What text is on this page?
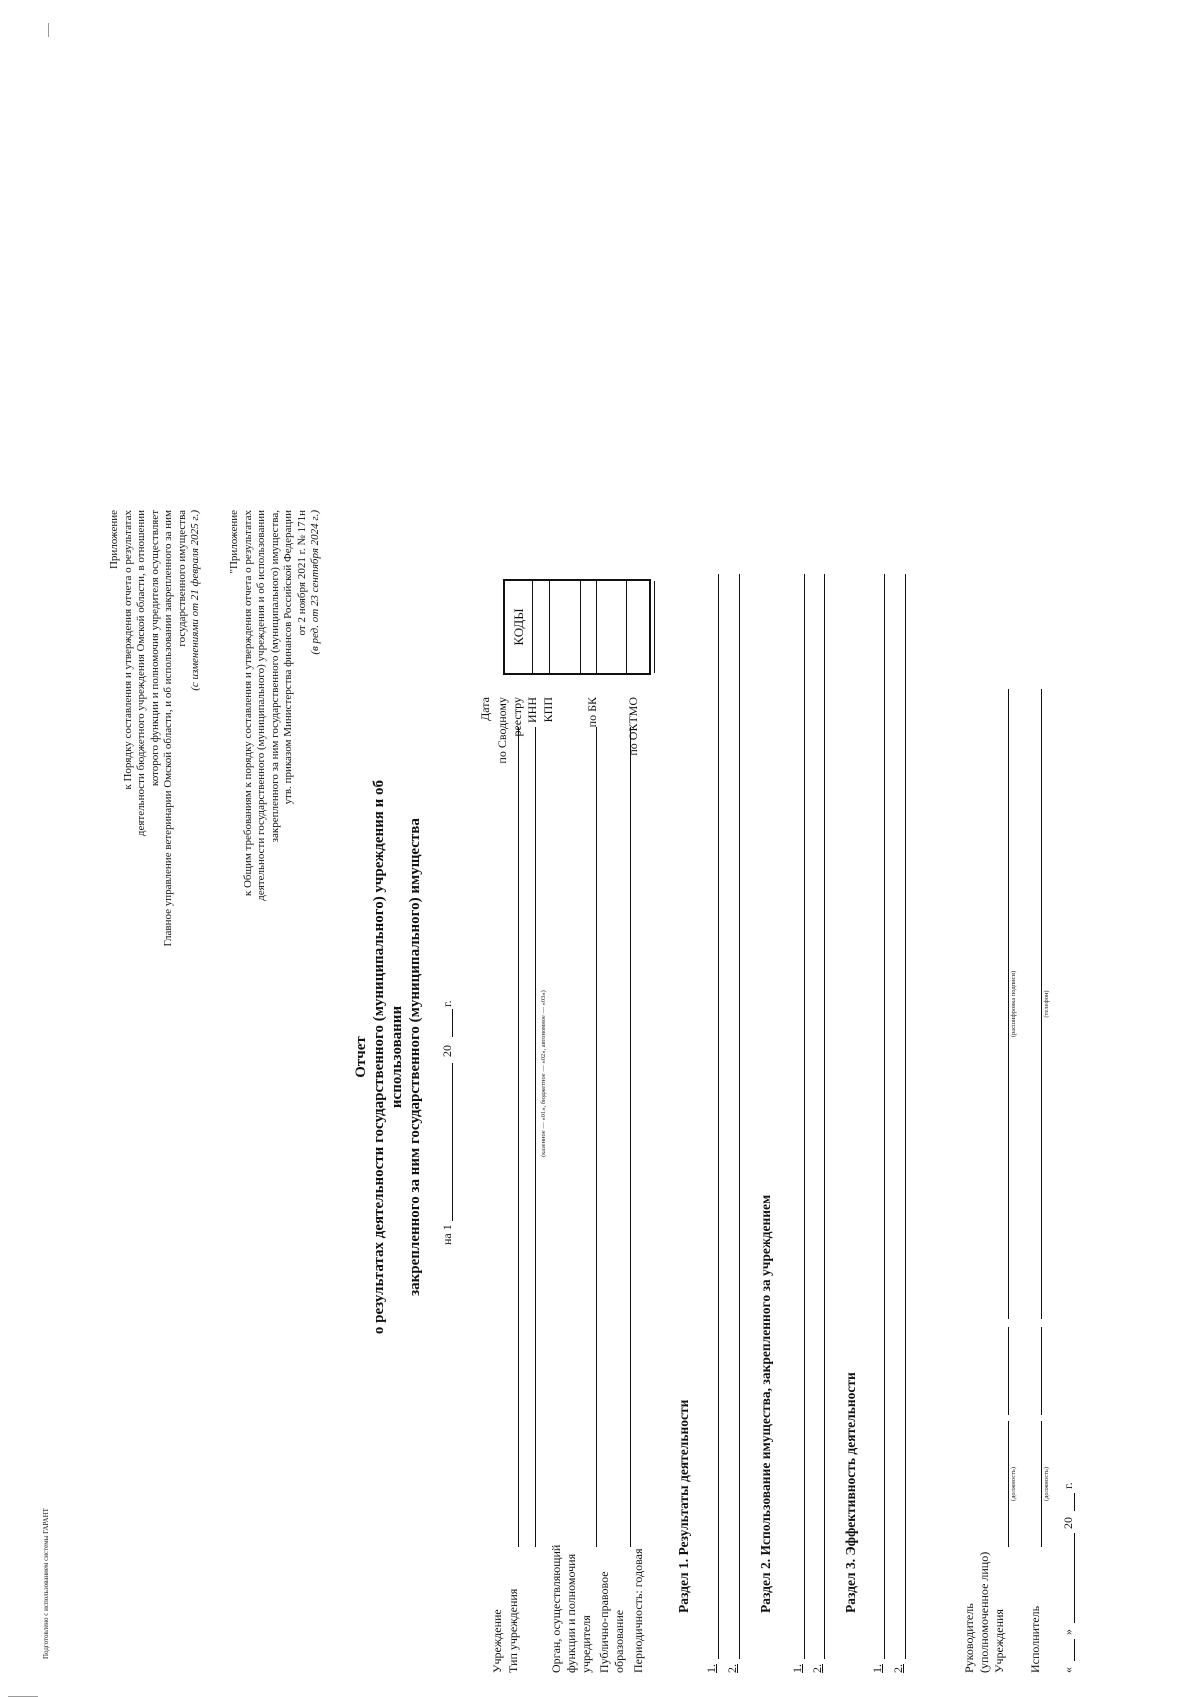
Подготовлено с использованием системы ГАРАНТ
Приложение к Порядку составления и утверждения отчета о результатах деятельности бюджетного учреждения Омской области, в отношении которого функции и полномочия учредителя осуществляет Главное управление ветеринарии Омской области, и об использовании закрепленного за ним государственного имущества (с изменениями от 21 февраля 2025 г.) "Приложение к Общим требованиям к порядку составления и утверждения отчета о результатах деятельности государственного (муниципального) учреждения и об использовании закрепленного за ним государственного (муниципального) имущества, утв. приказом Министерства финансов Российской Федерации от 2 ноября 2021 г. № 171н (в ред. от 23 сентября 2024 г.)
Отчет о результатах деятельности государственного (муниципального) учреждения и об использовании закрепленного за ним государственного (муниципального) имущества на 1
20
г.
Учреждение Тип учреждения
(казенное — «01», бюджетное — «02», автономное — «03»)
Орган, осуществляющий функции и полномочия учредителя Публично-правовое образование Периодичность: годовая
Дата по Сводному реестру ИНН КПП	по БК по ОКТМО
КОДЫ
Раздел 1. Результаты деятельности
1. 2.
Раздел 2. Использование имущества, закрепленного за учреждением
1. 2.
Раздел 3. Эффективность деятельности
1. 2.	Руководитель (уполномоченное лицо) Учреждения
(должность)
(расшифровка подписи)
Исполнитель
(должность)
(телефон)
«
»
20
г.
